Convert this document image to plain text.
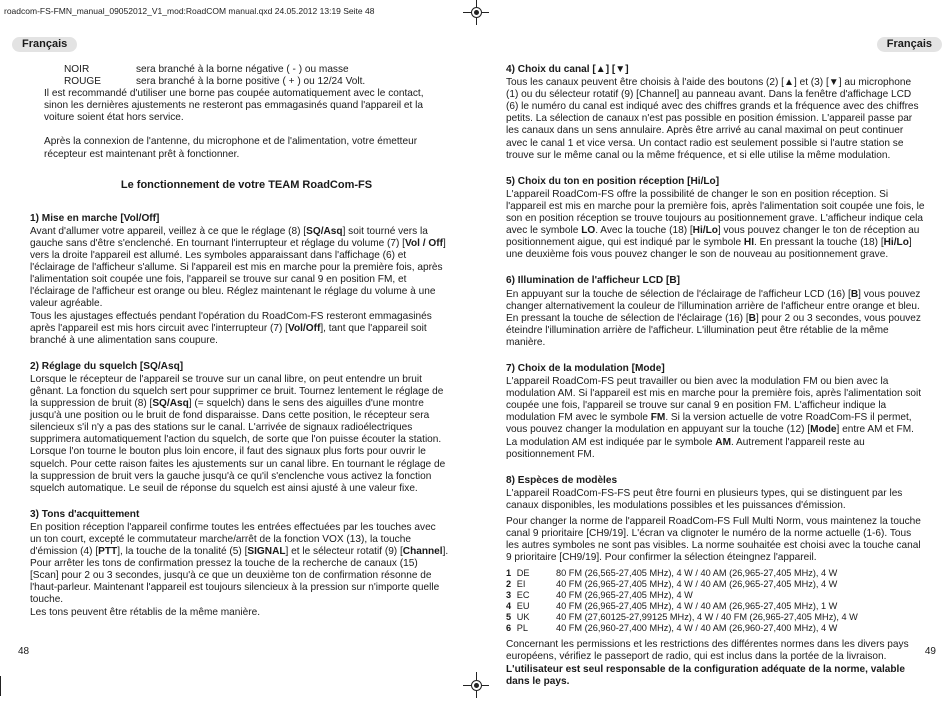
roadcom-FS-FMN_manual_09052012_V1_mod:RoadCOM manual.qxd 24.05.2012 13:19 Seite 48
Français	Français
NOIR	sera branché à la borne négative ( - ) ou masse
ROUGE	sera branché à la borne positive ( + ) ou 12/24 Volt.

Il est recommandé d'utiliser une borne pas coupée automatiquement avec le contact, sinon les dernières ajustements ne resteront pas emmagasinés quand l'appareil et la voiture soient état hors service.

Après la connexion de l'antenne, du microphone et de l'alimentation, votre émetteur récepteur est maintenant prêt à fonctionner.

Le fonctionnement de votre TEAM RoadCom-FS
1) Mise en marche [Vol/Off]

Avant d'allumer votre appareil, veillez à ce que le réglage (8) [SQ/Asq] soit tourné vers la gauche sans d'être s'enclenché. En tournant l'interrupteur et réglage du volume (7) [Vol / Off] vers la droite l'appareil est allumé. Les symboles apparaissant dans l'affichage (6) et l'éclairage de l'afficheur s'allume. Si l'appareil est mis en marche pour la première fois, après l'alimentation soit coupée une fois, l'appareil se trouve sur canal 9 en position FM, et l'éclairage de l'afficheur est orange ou bleu. Réglez maintenant le réglage du volume à une valeur agréable.

Tous les ajustages effectués pendant l'opération du RoadCom-FS resteront emmagasinés après l'appareil est mis hors circuit avec l'interrupteur (7) [Vol/Off], tant que l'appareil soit branché à une alimentation sans coupure.

2) Réglage du squelch [SQ/Asq]

Lorsque le récepteur de l'appareil se trouve sur un canal libre, on peut entendre un bruit gênant. La fonction du squelch sert pour supprimer ce bruit. Tournez lentement le réglage de la suppression de bruit (8) [SQ/Asq] (= squelch) dans le sens des aiguilles d'une montre jusqu'à une position ou le bruit de fond disparaisse. Dans cette position, le récepteur sera silencieux s'il n'y a pas des stations sur le canal. L'arrivée de signaux radioélectriques supprimera automatiquement l'action du squelch, de sorte que l'on puisse écouter la station. Lorsque l'on tourne le bouton plus loin encore, il faut des signaux plus forts pour ouvrir le squelch. Pour cette raison faites les ajustements sur un canal libre. En tournant le réglage de la suppression de bruit vers la gauche jusqu'à ce qu'il s'enclenche vous activez la fonction squelch automatique. Le seuil de réponse du squelch est ainsi ajusté à une valeur fixe.

3) Tons d'acquittement

En position réception l'appareil confirme toutes les entrées effectuées par les touches avec un ton court, excepté le commutateur marche/arrêt de la fonction VOX (13), la touche d'émission (4) [PTT], la touche de la tonalité (5) [SIGNAL] et le sélecteur rotatif (9) [Channel]. Pour arrêter les tons de confirmation pressez la touche de la recherche de canaux (15) [Scan] pour 2 ou 3 secondes, jusqu'à ce que un deuxième ton de confirmation résonne de l'haut-parleur. Maintenant l'appareil est toujours silencieux à la pression sur n'importe quelle touche.

Les tons peuvent être rétablis de la même manière.

4) Choix du canal [▲] [▼]

Tous les canaux peuvent être choisis à l'aide des boutons (2) [▲] et (3) [▼] au microphone (1) ou du sélecteur rotatif (9) [Channel] au panneau avant. Dans la fenêtre d'affichage LCD (6) le numéro du canal est indiqué avec des chiffres grands et la fréquence avec des chiffres petits. La sélection de canaux n'est pas possible en position émission. L'appareil passe par les canaux dans un sens annulaire. Après être arrivé au canal maximal on peut continuer avec le canal 1 et vice versa. Un contact radio est seulement possible si l'autre station se trouve sur le même canal ou la même fréquence, et si elle utilise la même modulation.

5) Choix du ton en position réception [Hi/Lo]

L'appareil RoadCom-FS offre la possibilité de changer le son en position réception. Si l'appareil est mis en marche pour la première fois, après l'alimentation soit coupée une fois, le son en position réception se trouve toujours au positionnement grave. L'afficheur indique cela avec le symbole LO. Avec la touche (18) [Hi/Lo] vous pouvez changer le ton de réception au positionnement aigue, qui est indiqué par le symbole HI. En pressant la touche (18) [Hi/Lo] une deuxième fois vous pouvez changer le son de nouveau au positionnement grave.

6) Illumination de l'afficheur LCD [B]

En appuyant sur la touche de sélection de l'éclairage de l'afficheur LCD (16) [B] vous pouvez changer alternativement la couleur de l'illumination arrière de l'afficheur entre orange et bleu.

En pressant la touche de sélection de l'éclairage (16) [B] pour 2 ou 3 secondes, vous pouvez éteindre l'illumination arrière de l'afficheur. L'illumination peut être rétablie de la même manière.

7) Choix de la modulation [Mode]

L'appareil RoadCom-FS peut travailler ou bien avec la modulation FM ou bien avec la modulation AM. Si l'appareil est mis en marche pour la première fois, après l'alimentation soit coupée une fois, l'appareil se trouve sur canal 9 en position FM. L'afficheur indique la modulation FM avec le symbole FM. Si la version actuelle de votre RoadCom-FS il permet, vous pouvez changer la modulation en appuyant sur la touche (12) [Mode] entre AM et FM. La modulation AM est indiquée par le symbole AM. Autrement l'appareil reste au positionnement FM.

8) Espèces de modèles

L'appareil RoadCom-FS-FS peut être fourni en plusieurs types, qui se distinguent par les canaux disponibles, les modulations possibles et les puissances d'émission.

Pour changer la norme de l'appareil RoadCom-FS Full Multi Norm, vous maintenez la touche canal 9 prioritaire [CH9/19]. L'écran va clignoter le numéro de la norme actuelle (1-6). Tous les autres symboles ne sont pas visibles. La norme souhaitée est choisi avec la touche canal 9 prioritaire [CH9/19]. Pour confirmer la sélection éteingnez l'appareil.

1 DE	80 FM (26,565-27,405 MHz), 4 W / 40 AM (26,965-27,405 MHz), 4 W
2 EI	40 FM (26,965-27,405 MHz), 4 W / 40 AM (26,965-27,405 MHz), 4 W
3 EC	40 FM (26,965-27,405 MHz), 4 W
4 EU	40 FM (26,965-27,405 MHz), 4 W / 40 AM (26,965-27,405 MHz), 1 W
5 UK	40 FM (27,60125-27,99125 MHz), 4 W / 40 FM (26,965-27,405 MHz), 4 W
6 PL	40 FM (26,960-27,400 MHz), 4 W / 40 AM (26,960-27,400 MHz), 4 W

Concernant les permissions et les restrictions des différentes normes dans les divers pays européens, vérifiez le passeport de radio, qui est inclus dans la portée de la livraison. L'utilisateur est seul responsable de la configuration adéquate de la norme, valable dans le pays.

48	49
